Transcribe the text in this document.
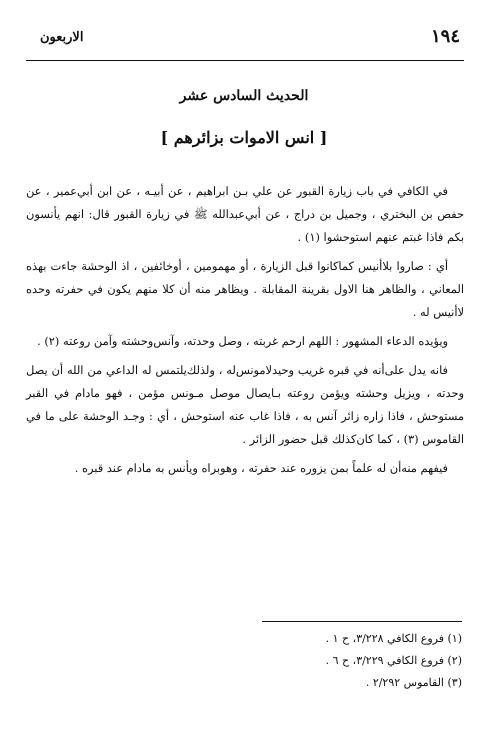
١٩٤
الاربعون
الحديث السادس عشر
[ انس الاموات بزائرهم ]

في الكافي في باب زيارة القبور عن علي بـن ابراهيم ، عن أبيـه ، عن ابن أبي‌عمير ، عن حفص بن البختري ، وجميل بن دراج ، عن أبي‌عبدالله ﷺ في زيارة القبور قال: انهم يأنسون بكم فاذا غبتم عنهم استوحشوا (١) .

أي : صاروا بلاأنيس كماكانوا قبل الزيارة ، أو مهمومين ، أوخائفين ، اذ الوحشة جاءت بهذه المعاني ، والظاهر هنا الاول بقرينة المقابلة . ويظاهر منه أن كلا منهم يكون في حفرته وحده لاأنيس له .

ويؤيده الدعاء المشهور : اللهم ارحم غربته ، وصل وحدته، وآنس‌وحشته وآمن روعته (٢) .

فانه يدل على‌أنه في قبره غريب وحيدلامونس‌له ، ولذلك‌يلتمس له الداعي من الله أن يصل وحدته ، ويزيل وحشته ويؤمن روعته بـايصال موصل مـونس مؤمن ، فهو مادام في القبر مستوحش ، فاذا زاره زائر آنس به ، فاذا غاب عنه استوحش ، أي : وجـد الوحشة على ما في القاموس (٣) ، كما كان‌كذلك قبل حضور الزائر .

فيفهم منه‌أن له علماً بمن يزوره عند حفرته ، وهوبراه ويأنس به مادام عند قبره .

(١) فروع الكافي ٣/٢٢٨، ح ١ .
(٢) فروع الكافي ٣/٢٢٩، ح ٦ .
(٣) القاموس ٢/٢٩٢ .
